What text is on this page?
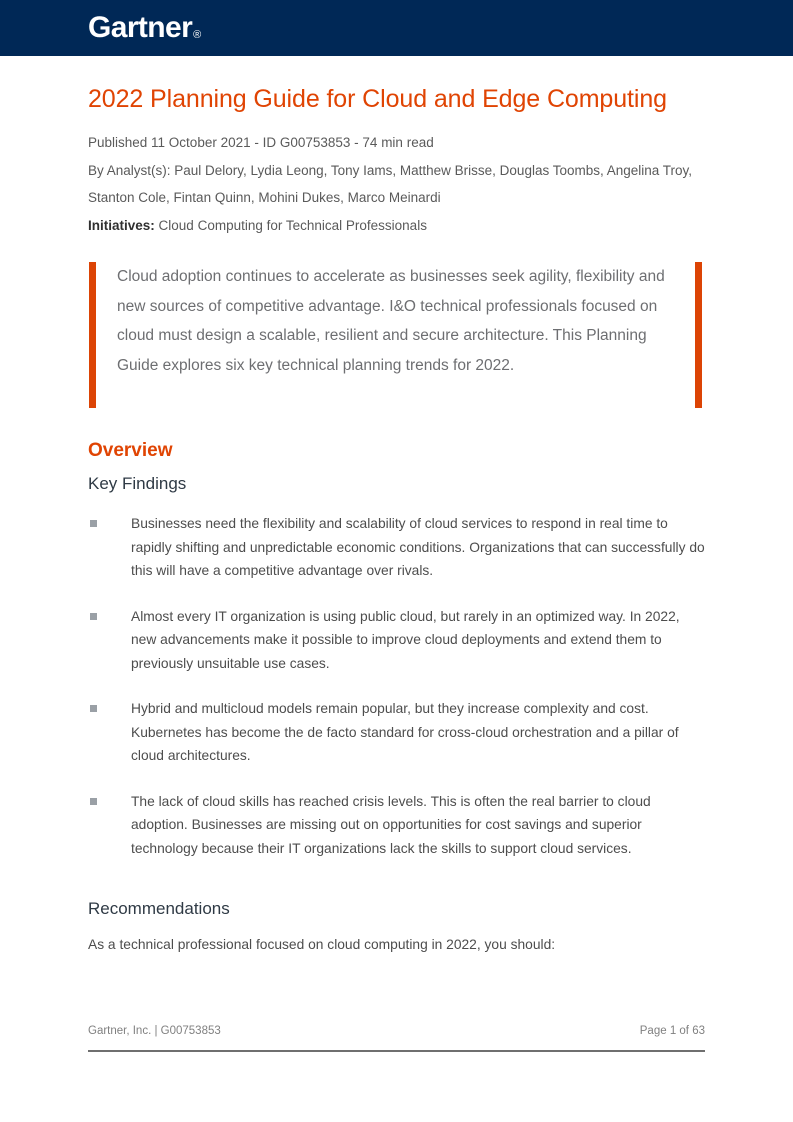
Gartner®
2022 Planning Guide for Cloud and Edge Computing

Published 11 October 2021 - ID G00753853 - 74 min read

By Analyst(s): Paul Delory, Lydia Leong, Tony Iams, Matthew Brisse, Douglas Toombs, Angelina Troy, Stanton Cole, Fintan Quinn, Mohini Dukes, Marco Meinardi

Initiatives: Cloud Computing for Technical Professionals

Cloud adoption continues to accelerate as businesses seek agility, flexibility and new sources of competitive advantage. I&O technical professionals focused on cloud must design a scalable, resilient and secure architecture. This Planning Guide explores six key technical planning trends for 2022.

Overview
Key Findings
Businesses need the flexibility and scalability of cloud services to respond in real time to rapidly shifting and unpredictable economic conditions. Organizations that can successfully do this will have a competitive advantage over rivals.
Almost every IT organization is using public cloud, but rarely in an optimized way. In 2022, new advancements make it possible to improve cloud deployments and extend them to previously unsuitable use cases.
Hybrid and multicloud models remain popular, but they increase complexity and cost. Kubernetes has become the de facto standard for cross-cloud orchestration and a pillar of cloud architectures.
The lack of cloud skills has reached crisis levels. This is often the real barrier to cloud adoption. Businesses are missing out on opportunities for cost savings and superior technology because their IT organizations lack the skills to support cloud services.
Recommendations

As a technical professional focused on cloud computing in 2022, you should:

Gartner, Inc. | G00753853	Page 1 of 63
